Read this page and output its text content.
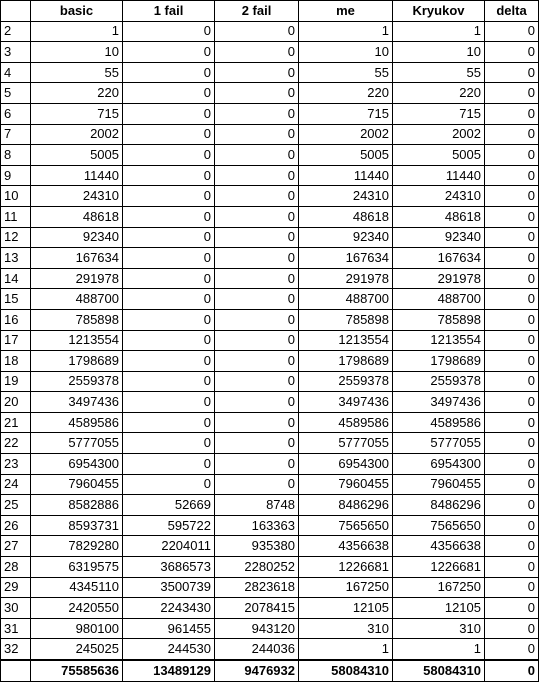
	basic	1 fail	2 fail	me	Kryukov	delta
2	1	0	0	1	1	0
3	10	0	0	10	10	0
4	55	0	0	55	55	0
5	220	0	0	220	220	0
6	715	0	0	715	715	0
7	2002	0	0	2002	2002	0
8	5005	0	0	5005	5005	0
9	11440	0	0	11440	11440	0
10	24310	0	0	24310	24310	0
11	48618	0	0	48618	48618	0
12	92340	0	0	92340	92340	0
13	167634	0	0	167634	167634	0
14	291978	0	0	291978	291978	0
15	488700	0	0	488700	488700	0
16	785898	0	0	785898	785898	0
17	1213554	0	0	1213554	1213554	0
18	1798689	0	0	1798689	1798689	0
19	2559378	0	0	2559378	2559378	0
20	3497436	0	0	3497436	3497436	0
21	4589586	0	0	4589586	4589586	0
22	5777055	0	0	5777055	5777055	0
23	6954300	0	0	6954300	6954300	0
24	7960455	0	0	7960455	7960455	0
25	8582886	52669	8748	8486296	8486296	0
26	8593731	595722	163363	7565650	7565650	0
27	7829280	2204011	935380	4356638	4356638	0
28	6319575	3686573	2280252	1226681	1226681	0
29	4345110	3500739	2823618	167250	167250	0
30	2420550	2243430	2078415	12105	12105	0
31	980100	961455	943120	310	310	0
32	245025	244530	244036	1	1	0
	75585636	13489129	9476932	58084310	58084310	0
